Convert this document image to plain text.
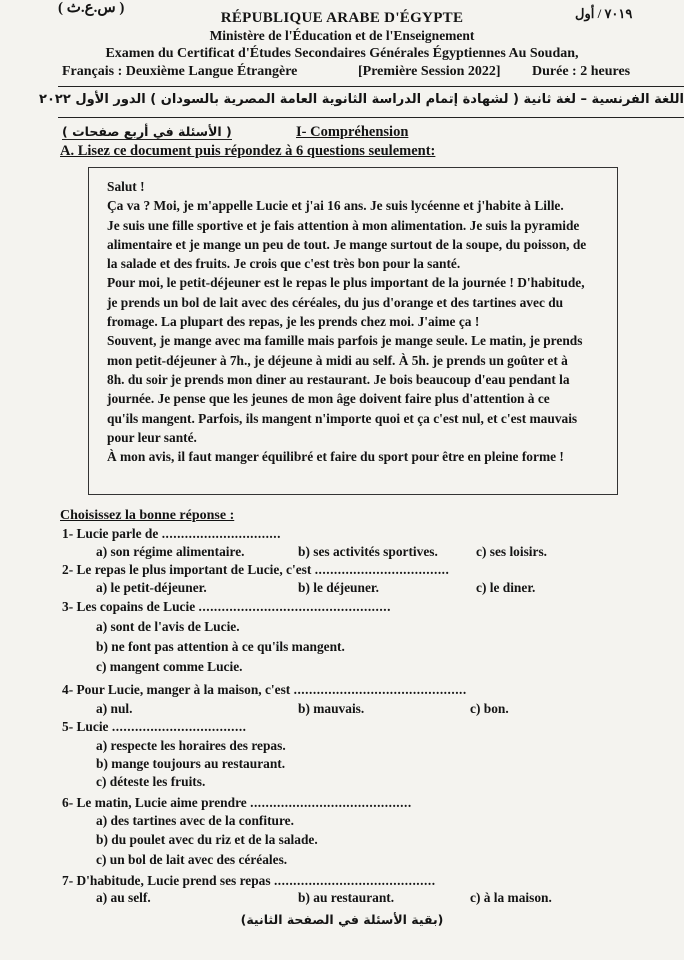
( س.ع.ث )
RÉPUBLIQUE ARABE D'ÉGYPTE	٧٠١٩ / أول
Ministère de l'Éducation et de l'Enseignement
Examen du Certificat d'Études Secondaires Générales Égyptiennes Au Soudan,
Français : Deuxième Langue Étrangère	[Première Session 2022] Durée : 2 heures
اللغة الفرنسية – لغة ثانية ( لشهادة إتمام الدراسة الثانوية العامة المصرية بالسودان ) الدور الأول ٢٠٢٢
( الأسئلة في أربع صفحات )	I- Compréhension
A. Lisez ce document puis répondez à 6 questions seulement:
Salut !
Ça va ? Moi, je m'appelle Lucie et j'ai 16 ans. Je suis lycéenne et j'habite à Lille.
Je suis une fille sportive et je fais attention à mon alimentation. Je suis la pyramide
alimentaire et je mange un peu de tout. Je mange surtout de la soupe, du poisson, de
la salade et des fruits. Je crois que c'est très bon pour la santé.
Pour moi, le petit-déjeuner est le repas le plus important de la journée ! D'habitude,
je prends un bol de lait avec des céréales, du jus d'orange et des tartines avec du
fromage. La plupart des repas, je les prends chez moi. J'aime ça !
Souvent, je mange avec ma famille mais parfois je mange seule. Le matin, je prends
mon petit-déjeuner à 7h., je déjeune à midi au self. À 5h. je prends un goûter et à
8h. du soir je prends mon diner au restaurant. Je bois beaucoup d'eau pendant la
journée. Je pense que les jeunes de mon âge doivent faire plus d'attention à ce
qu'ils mangent. Parfois, ils mangent n'importe quoi et ça c'est nul, et c'est mauvais
pour leur santé.
À mon avis, il faut manger équilibré et faire du sport pour être en pleine forme !
Choisissez la bonne réponse :
1- Lucie parle de ...............................
a) son régime alimentaire.	b) ses activités sportives.	c) ses loisirs.
2- Le repas le plus important de Lucie, c'est ...................................
a) le petit-déjeuner.	b) le déjeuner.	c) le diner.
3- Les copains de Lucie ..................................................
a) sont de l'avis de Lucie.
b) ne font pas attention à ce qu'ils mangent.
c) mangent comme Lucie.
4- Pour Lucie, manger à la maison, c'est .............................................
a) nul.	b) mauvais.	c) bon.
5- Lucie ...................................
a) respecte les horaires des repas.
b) mange toujours au restaurant.
c) déteste les fruits.
6- Le matin, Lucie aime prendre ..........................................
a) des tartines avec de la confiture.
b) du poulet avec du riz et de la salade.
c) un bol de lait avec des céréales.
7- D'habitude, Lucie prend ses repas ..........................................
a) au self.	b) au restaurant.	c) à la maison.
(بقية الأسئلة في الصفحة الثانية)
